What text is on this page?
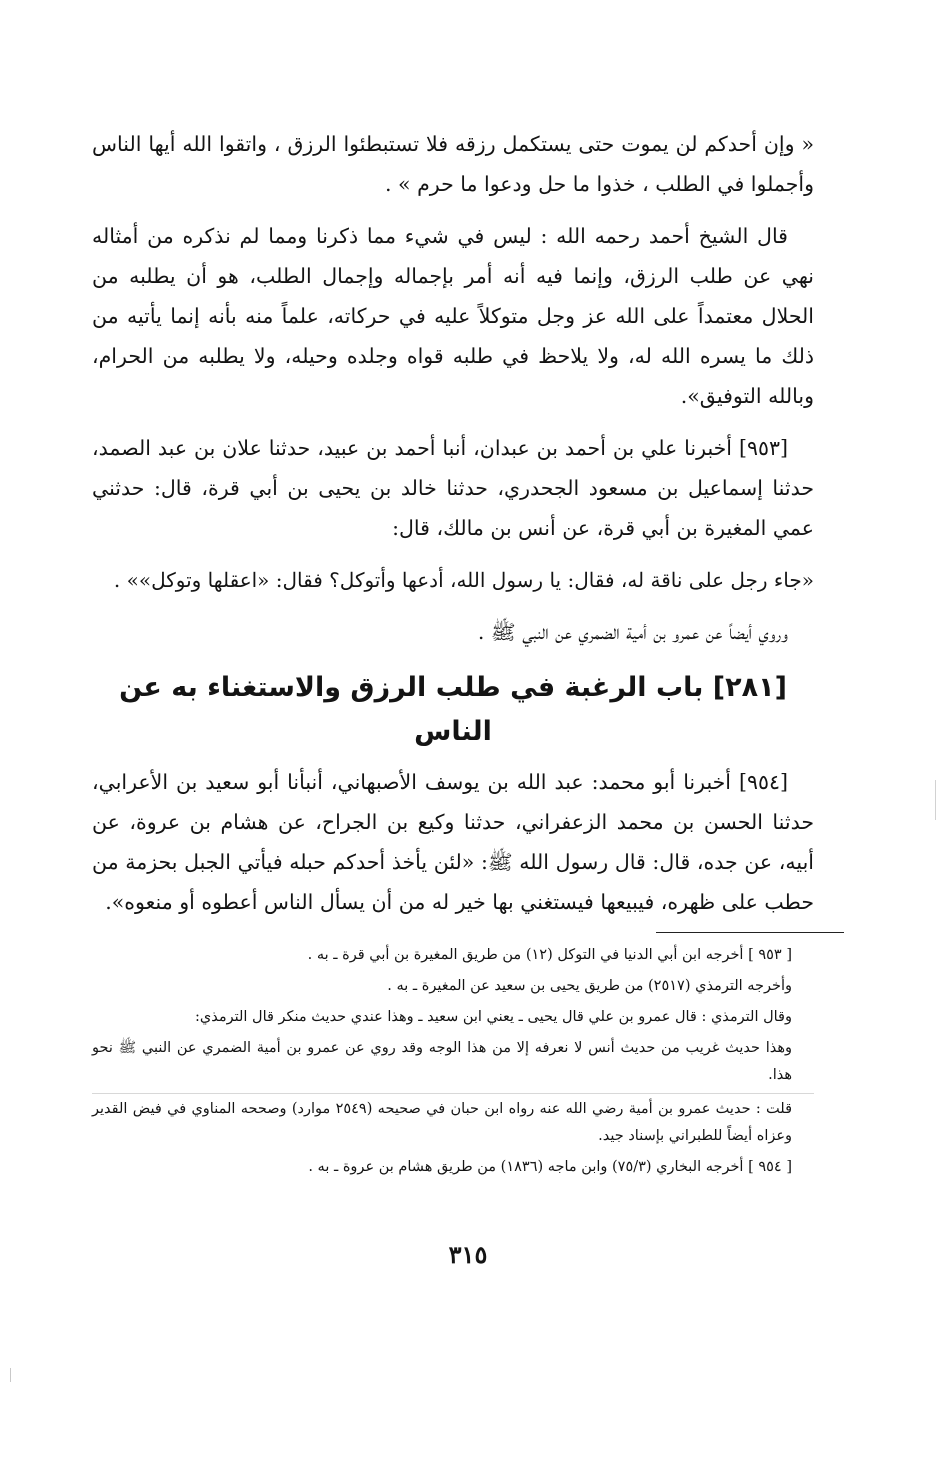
« وإن أحدكم لن يموت حتى يستكمل رزقه فلا تستبطئوا الرزق ، واتقوا الله أيها الناس وأجملوا في الطلب ، خذوا ما حل ودعوا ما حرم » .

قال الشيخ أحمد رحمه الله : ليس في شيء مما ذكرنا ومما لم نذكره من أمثاله نهي عن طلب الرزق، وإنما فيه أنه أمر بإجماله وإجمال الطلب، هو أن يطلبه من الحلال معتمداً على الله عز وجل متوكلاً عليه في حركاته، علماً منه بأنه إنما يأتيه من ذلك ما يسره الله له، ولا يلاحظ في طلبه قواه وجلده وحيله، ولا يطلبه من الحرام، وبالله التوفيق».

[٩٥٣] أخبرنا علي بن أحمد بن عبدان، أنبا أحمد بن عبيد، حدثنا علان بن عبد الصمد، حدثنا إسماعيل بن مسعود الجحدري، حدثنا خالد بن يحيى بن أبي قرة، قال: حدثني عمي المغيرة بن أبي قرة، عن أنس بن مالك، قال:

«جاء رجل على ناقة له، فقال: يا رسول الله، أدعها وأتوكل؟ فقال: «اعقلها وتوكل»» .

وروي أيضاً عن عمرو بن أمية الضمري عن النبي ﷺ .

[٢٨١] باب الرغبة في طلب الرزق والاستغناء به عن الناس

[٩٥٤] أخبرنا أبو محمد: عبد الله بن يوسف الأصبهاني، أنبأنا أبو سعيد بن الأعرابي، حدثنا الحسن بن محمد الزعفراني، حدثنا وكيع بن الجراح، عن هشام بن عروة، عن أبيه، عن جده، قال: قال رسول الله ﷺ: «لئن يأخذ أحدكم حبله فيأتي الجبل بحزمة من حطب على ظهره، فيبيعها فيستغني بها خير له من أن يسأل الناس أعطوه أو منعوه».

[ ٩٥٣ ] أخرجه ابن أبي الدنيا في التوكل (١٢) من طريق المغيرة بن أبي قرة ـ به .

وأخرجه الترمذي (٢٥١٧) من طريق يحيى بن سعيد عن المغيرة ـ به .

وقال الترمذي : قال عمرو بن علي قال يحيى ـ يعني ابن سعيد ـ وهذا عندي حديث منكر قال الترمذي:

وهذا حديث غريب من حديث أنس لا نعرفه إلا من هذا الوجه وقد روي عن عمرو بن أمية الضمري عن النبي ﷺ نحو هذا.

قلت : حديث عمرو بن أمية رضي الله عنه رواه ابن حبان في صحيحه (٢٥٤٩ موارد) وصححه المناوي في فيض القدير وعزاه أيضاً للطبراني بإسناد جيد.

[ ٩٥٤ ] أخرجه البخاري (٧٥/٣) وابن ماجه (١٨٣٦) من طريق هشام بن عروة ـ به .

٣١٥
